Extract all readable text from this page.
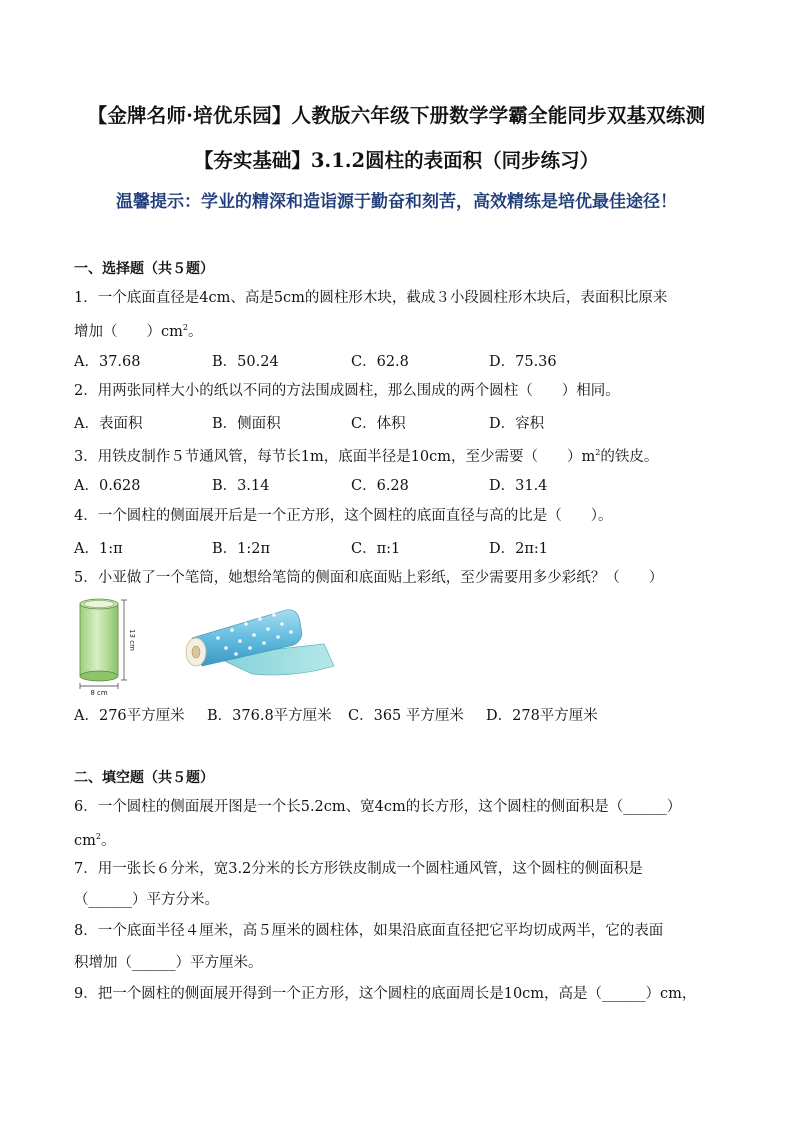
【金牌名师·培优乐园】人教版六年级下册数学学霸全能同步双基双练测
【夯实基础】3.1.2圆柱的表面积（同步练习）
温馨提示：学业的精深和造诣源于勤奋和刻苦，高效精练是培优最佳途径！
一、选择题（共５题）
1．一个底面直径是4cm、高是5cm的圆柱形木块，截成３小段圆柱形木块后，表面积比原来
增加（　　）$cm^2$。
A．37.68	B．50.24	C．62.8	D．75.36
2．用两张同样大小的纸以不同的方法围成圆柱，那么围成的两个圆柱（　　）相同。
A．表面积	B．侧面积	C．体积	D．容积
3．用铁皮制作５节通风管，每节长1m，底面半径是10cm，至少需要（　　）$m^2$的铁皮。
A．0.628	B．3.14	C．6.28	D．31.4
4．一个圆柱的侧面展开后是一个正方形，这个圆柱的底面直径与高的比是（　　）。
A．1:π	B．1:2π	C．π:1	D．2π:1
5．小亚做了一个笔筒，她想给笔筒的侧面和底面贴上彩纸，至少需要用多少彩纸？（　　）
13 cm
8 cm
A．276平方厘米 B．376.8平方厘米 C．365 平方厘米 D．278平方厘米
二、填空题（共５题）
6．一个圆柱的侧面展开图是一个长5.2cm、宽4cm的长方形，这个圆柱的侧面积是（______）
$cm^2$。
7．用一张长６分米，宽3.2分米的长方形铁皮制成一个圆柱通风管，这个圆柱的侧面积是
（______）平方分米。
8．一个底面半径４厘米，高５厘米的圆柱体，如果沿底面直径把它平均切成两半，它的表面
积增加（______）平方厘米。
9．把一个圆柱的侧面展开得到一个正方形，这个圆柱的底面周长是10cm，高是（______）cm，
